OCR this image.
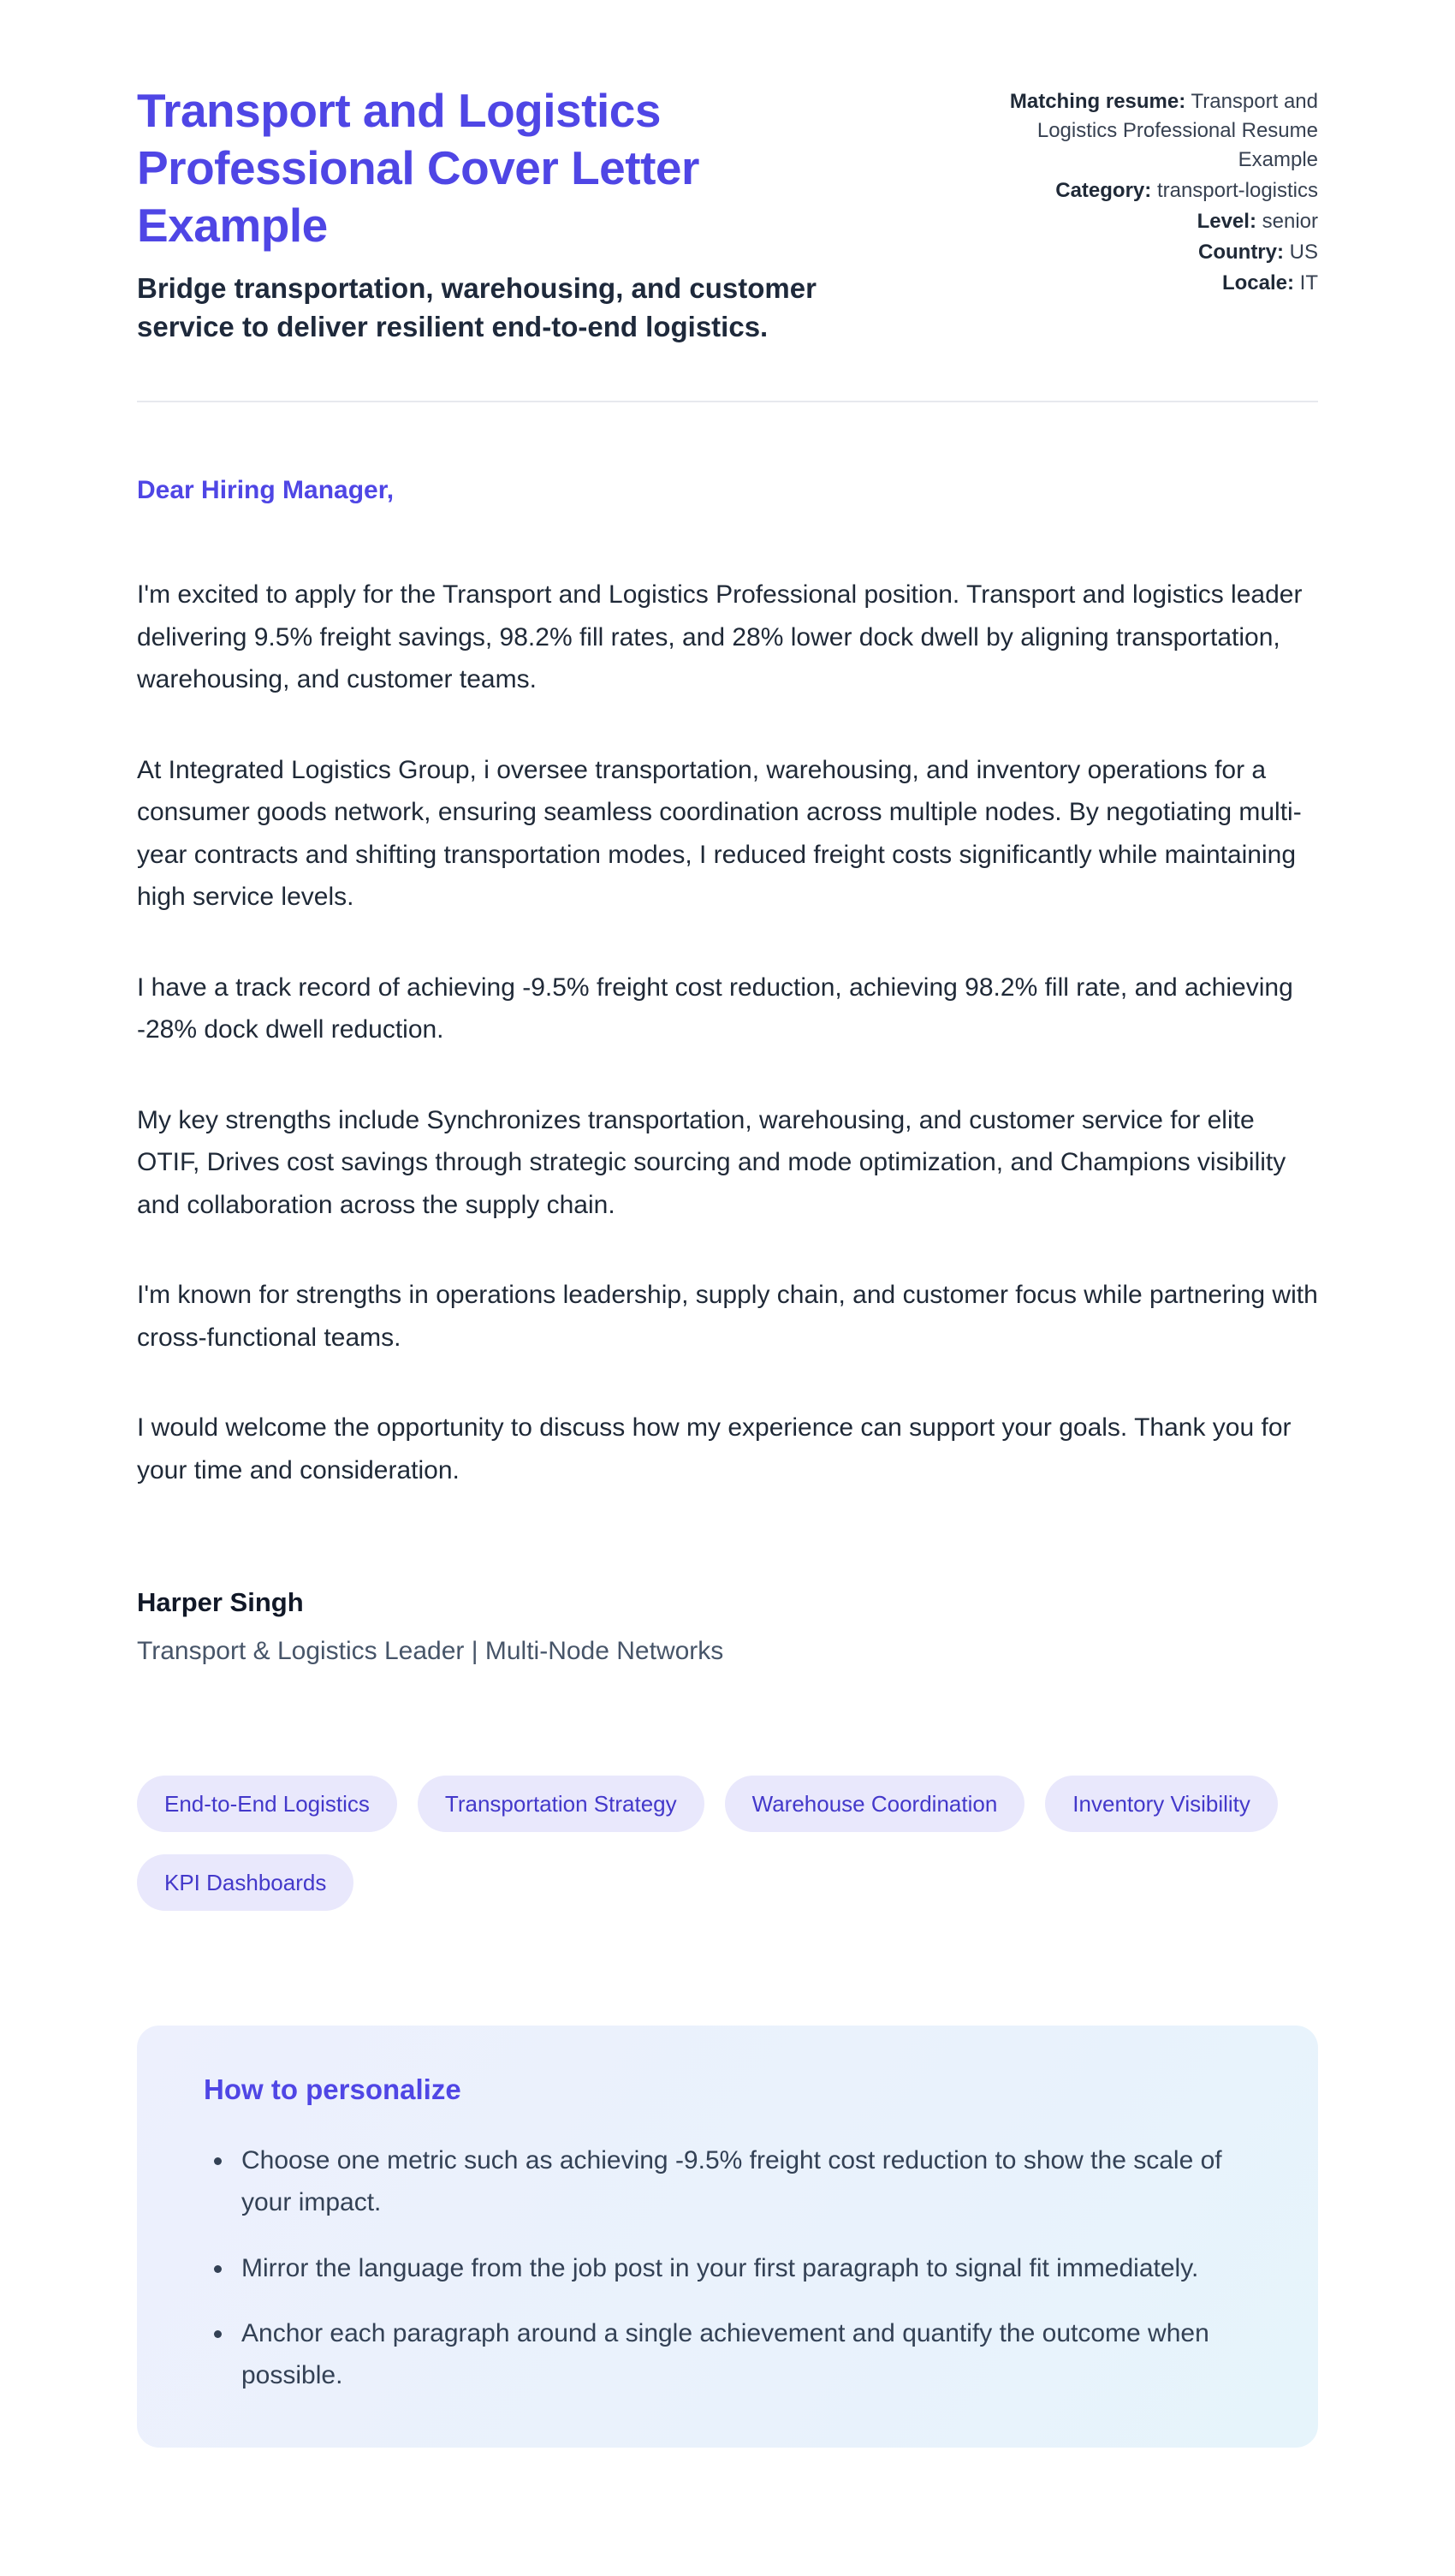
Transport and Logistics Professional Cover Letter Example

Bridge transportation, warehousing, and customer service to deliver resilient end-to-end logistics.

Matching resume: Transport and Logistics Professional Resume Example
Category: transport-logistics
Level: senior
Country: US
Locale: IT
Dear Hiring Manager,

I'm excited to apply for the Transport and Logistics Professional position. Transport and logistics leader delivering 9.5% freight savings, 98.2% fill rates, and 28% lower dock dwell by aligning transportation, warehousing, and customer teams.

At Integrated Logistics Group, i oversee transportation, warehousing, and inventory operations for a consumer goods network, ensuring seamless coordination across multiple nodes. By negotiating multi-year contracts and shifting transportation modes, I reduced freight costs significantly while maintaining high service levels.

I have a track record of achieving -9.5% freight cost reduction, achieving 98.2% fill rate, and achieving -28% dock dwell reduction.

My key strengths include Synchronizes transportation, warehousing, and customer service for elite OTIF, Drives cost savings through strategic sourcing and mode optimization, and Champions visibility and collaboration across the supply chain.

I'm known for strengths in operations leadership, supply chain, and customer focus while partnering with cross-functional teams.

I would welcome the opportunity to discuss how my experience can support your goals. Thank you for your time and consideration.

Harper Singh
Transport & Logistics Leader | Multi-Node Networks
End-to-End Logistics	Transportation Strategy	Warehouse Coordination	Inventory Visibility
KPI Dashboards
How to personalize
• Choose one metric such as achieving -9.5% freight cost reduction to show the scale of your impact.
• Mirror the language from the job post in your first paragraph to signal fit immediately.
• Anchor each paragraph around a single achievement and quantify the outcome when possible.
